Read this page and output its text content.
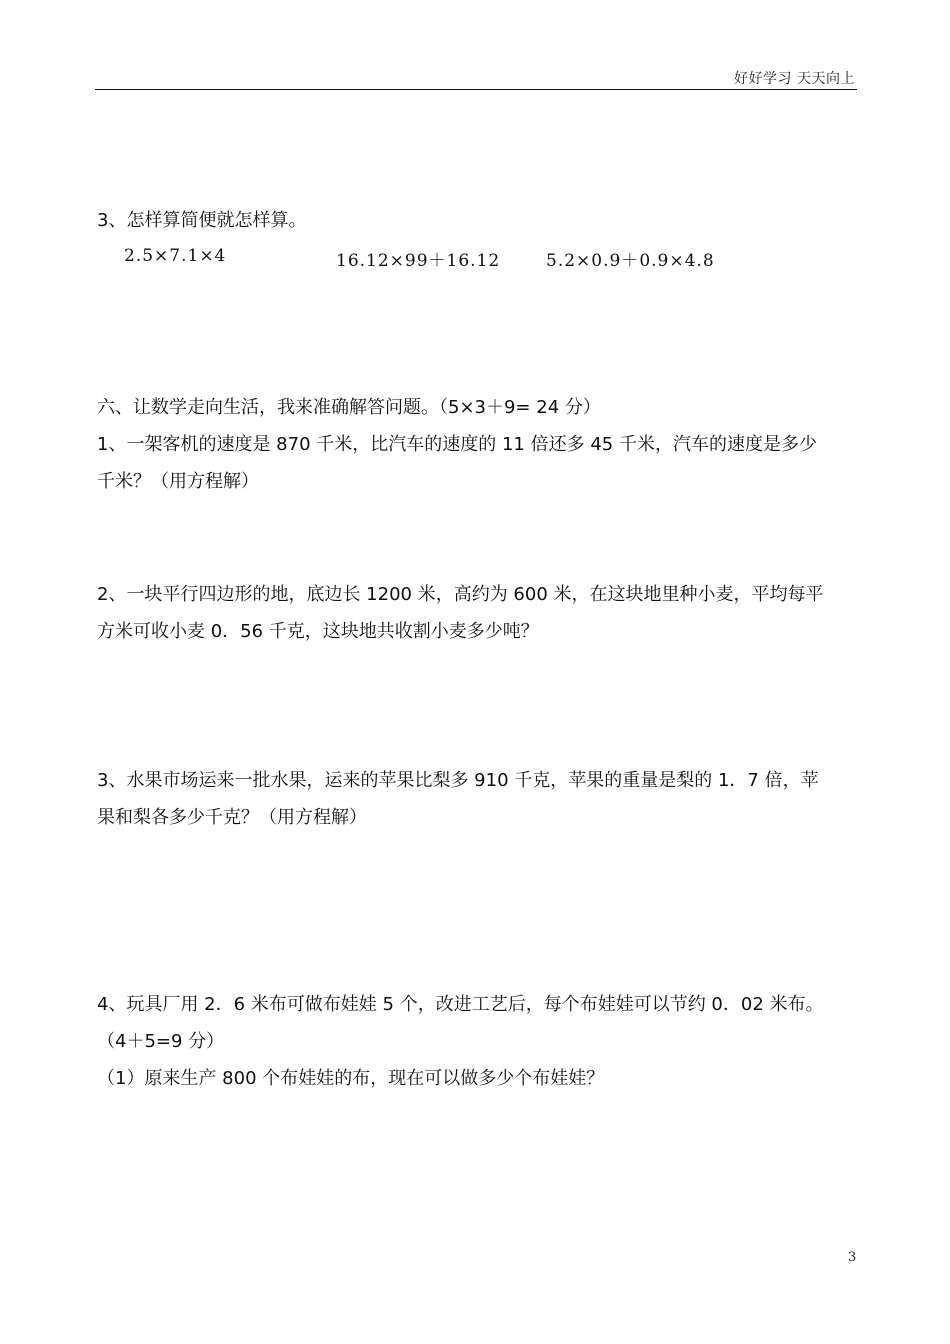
好好学习 天天向上
3、怎样算简便就怎样算。
2.5×7.1×4	16.12×99＋16.12	5.2×0.9＋0.9×4.8
六、让数学走向生活，我来准确解答问题。（5×3＋9= 24 分）
1、一架客机的速度是 870 千米，比汽车的速度的 11 倍还多 45 千米，汽车的速度是多少
千米？（用方程解）
2、一块平行四边形的地，底边长 1200 米，高约为 600 米，在这块地里种小麦，平均每平
方米可收小麦 0．56 千克，这块地共收割小麦多少吨？
3、水果市场运来一批水果，运来的苹果比梨多 910 千克，苹果的重量是梨的 1．7 倍，苹
果和梨各多少千克？（用方程解）
4、玩具厂用 2．6 米布可做布娃娃 5 个，改进工艺后，每个布娃娃可以节约 0．02 米布。
（4＋5=9 分）
（1）原来生产 800 个布娃娃的布，现在可以做多少个布娃娃？
3
